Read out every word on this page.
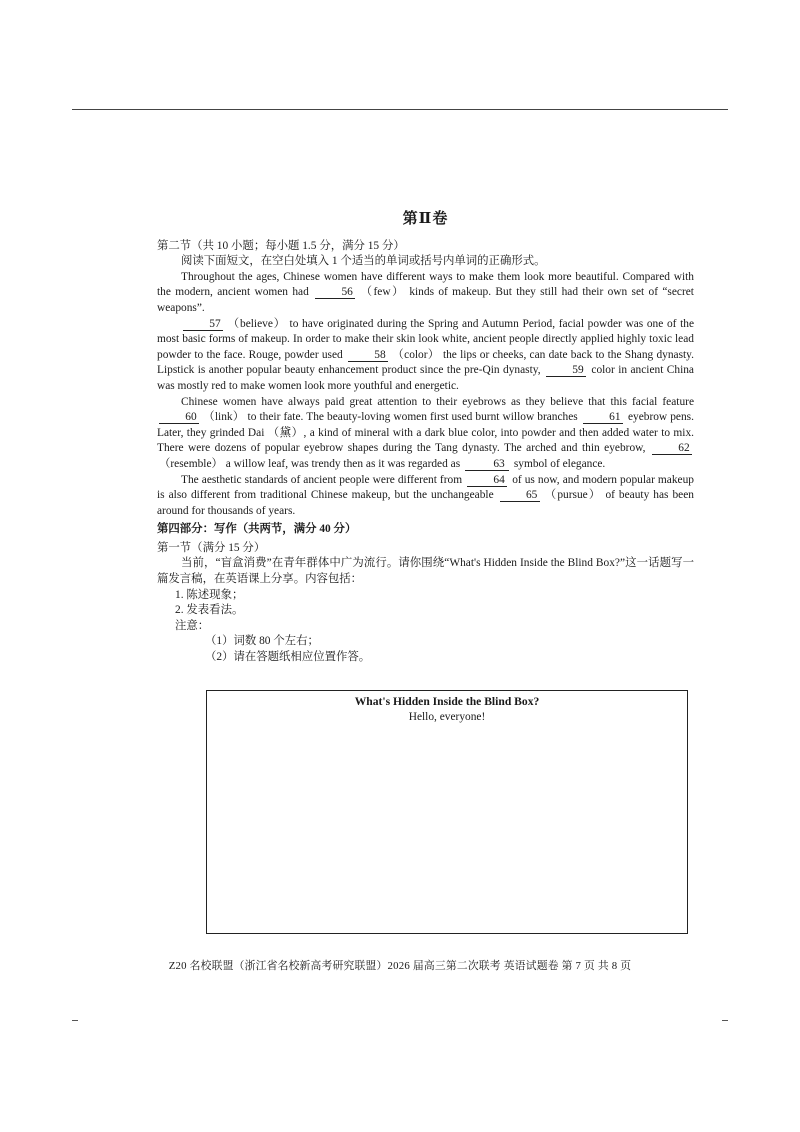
第Ⅱ卷

第二节（共 10 小题；每小题 1.5 分，满分 15 分）

阅读下面短文，在空白处填入 1 个适当的单词或括号内单词的正确形式。

Throughout the ages, Chinese women have different ways to make them look more beautiful. Compared with the modern, ancient women had	56 （few） kinds of makeup. But they still had their own set of “secret weapons”.

57 （believe） to have originated during the Spring and Autumn Period, facial powder was one of the most basic forms of makeup. In order to make their skin look white, ancient people directly applied highly toxic lead powder to the face. Rouge, powder used	58 （color） the lips or cheeks, can date back to the Shang dynasty. Lipstick is another popular beauty enhancement product since the pre-Qin dynasty,	59 color in ancient China was mostly red to make women look more youthful and energetic.

Chinese women have always paid great attention to their eyebrows as they believe that this facial feature 60 （link） to their fate. The beauty-loving women first used burnt willow branches	61 eyebrow pens. Later, they grinded Dai （黛）, a kind of mineral with a dark blue color, into powder and then added water to mix. There were dozens of popular eyebrow shapes during the Tang dynasty. The arched and thin eyebrow,	62（resemble） a willow leaf, was trendy then as it was regarded as	63 symbol of elegance.

The aesthetic standards of ancient people were different from	64 of us now, and modern popular makeup is also different from traditional Chinese makeup, but the unchangeable	65 （pursue） of beauty has been around for thousands of years.

第四部分：写作（共两节，满分 40 分）

第一节（满分 15 分）

当前，“盲盒消费”在青年群体中广为流行。请你围绕“What's Hidden Inside the Blind Box?”这一话题写一篇发言稿，在英语课上分享。内容包括：

1. 陈述现象；

2. 发表看法。

注意：

（1）词数 80 个左右；

（2）请在答题纸相应位置作答。

What's Hidden Inside the Blind Box?
Hello, everyone!
Z20 名校联盟（浙江省名校新高考研究联盟）2026 届高三第二次联考 英语试题卷 第 7 页 共 8 页
